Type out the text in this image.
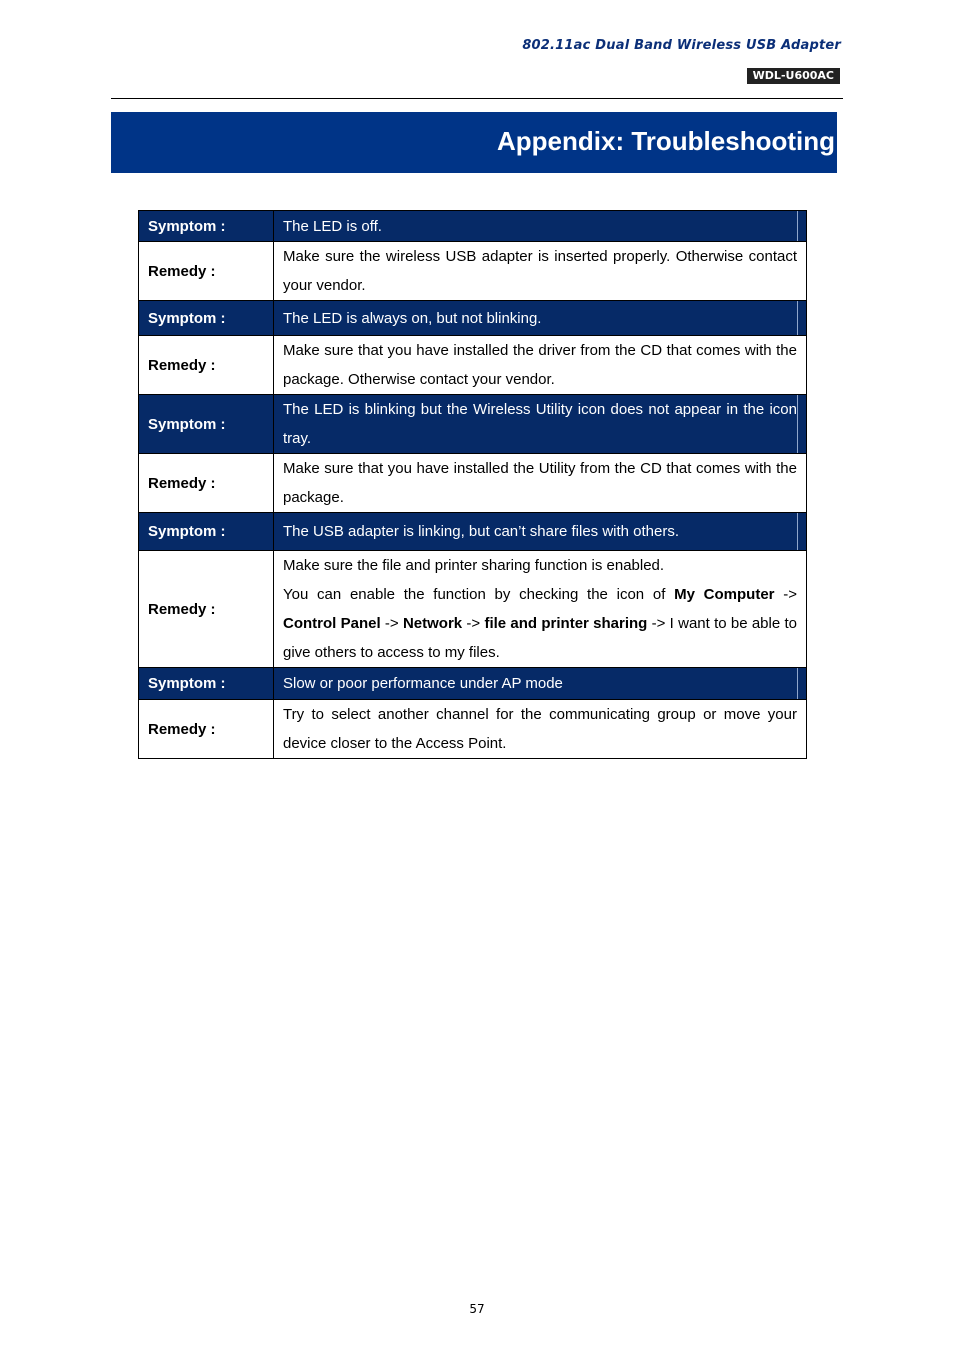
802.11ac Dual Band Wireless USB Adapter
WDL-U600AC
Appendix: Troubleshooting
Symptom :	The LED is off.
Remedy :	Make sure the wireless USB adapter is inserted properly. Otherwise contact your vendor.
Symptom :	The LED is always on, but not blinking.
Remedy :	Make sure that you have installed the driver from the CD that comes with the package. Otherwise contact your vendor.
Symptom :	The LED is blinking but the Wireless Utility icon does not appear in the icon tray.
Remedy :	Make sure that you have installed the Utility from the CD that comes with the package.
Symptom :	The USB adapter is linking, but can’t share files with others.
Remedy :	Make sure the file and printer sharing function is enabled.
You can enable the function by checking the icon of My Computer -> Control Panel -> Network -> file and printer sharing -> I want to be able to give others to access to my files.

Symptom :	Slow or poor performance under AP mode
Remedy :	Try to select another channel for the communicating group or move your device closer to the Access Point.
57
